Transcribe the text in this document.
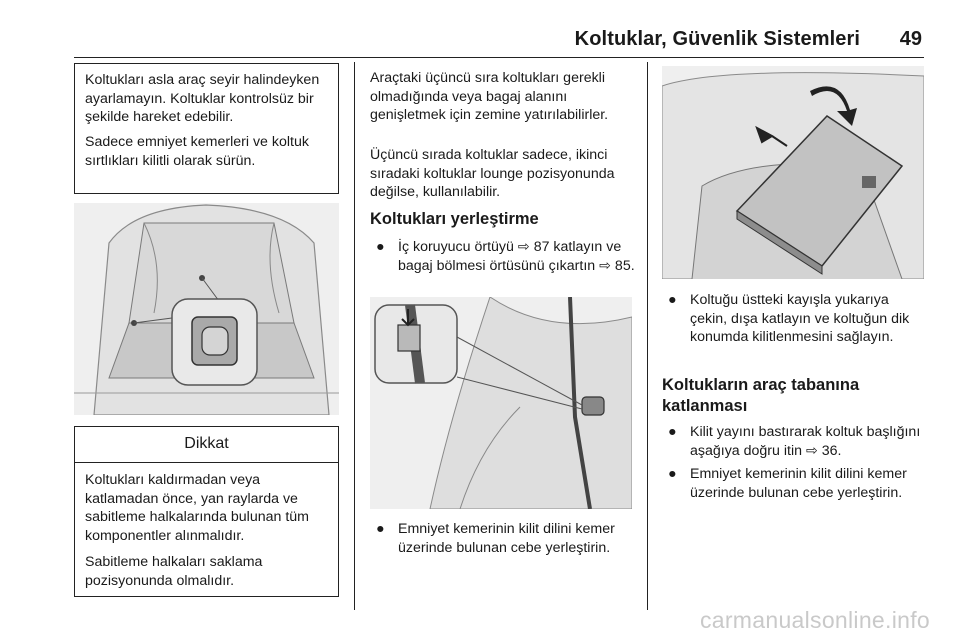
Koltuklar, Güvenlik Sistemleri 49

Koltukları asla araç seyir halindeyken ayarlamayın. Koltuklar kontrolsüz bir şekilde hareket edebilir.

Sadece emniyet kemerleri ve koltuk sırtlıkları kilitli olarak sürün.

Dikkat

Koltukları kaldırmadan veya katlamadan önce, yan raylarda ve sabitleme halkalarında bulunan tüm komponentler alınmalıdır.

Sabitleme halkaları saklama pozisyonunda olmalıdır.

Araçtaki üçüncü sıra koltukları gerekli olmadığında veya bagaj alanını genişletmek için zemine yatırılabilirler.
Üçüncü sırada koltuklar sadece, ikinci sıradaki koltuklar lounge pozisyonunda değilse, kullanılabilir.
Koltukları yerleştirme
● İç koruyucu örtüyü ⇨ 87 katlayın ve bagaj bölmesi örtüsünü çıkartın ⇨ 85.
● Emniyet kemerinin kilit dilini kemer üzerinde bulunan cebe yerleştirin.
● Koltuğu üstteki kayışla yukarıya çekin, dışa katlayın ve koltuğun dik konumda kilitlenmesini sağlayın.
Koltukların araç tabanına katlanması
● Kilit yayını bastırarak koltuk başlığını aşağıya doğru itin ⇨ 36.
● Emniyet kemerinin kilit dilini kemer üzerinde bulunan cebe yerleştirin.
carmanualsonline.info
